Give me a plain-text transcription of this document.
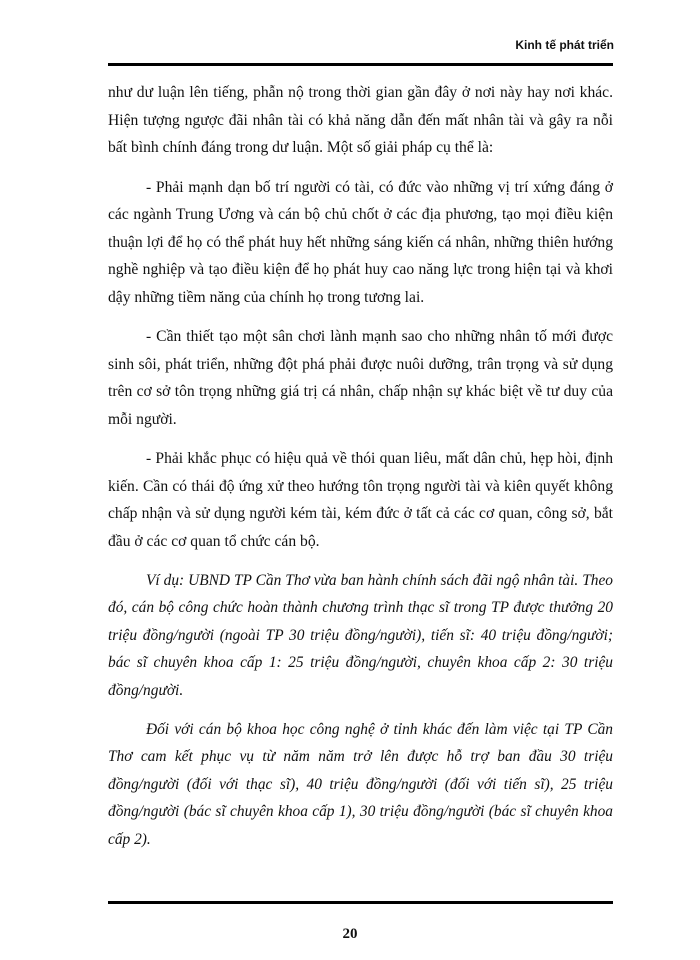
Kinh tế phát triển

như dư luận lên tiếng, phẫn nộ trong thời gian gần đây ở nơi này hay nơi khác. Hiện tượng ngược đãi nhân tài có khả năng dẫn đến mất nhân tài và gây ra nỗi bất bình chính đáng trong dư luận. Một số giải pháp cụ thể là:

- Phải mạnh dạn bố trí người có tài, có đức vào những vị trí xứng đáng ở các ngành Trung Ương và cán bộ chủ chốt ở các địa phương, tạo mọi điều kiện thuận lợi để họ có thể phát huy hết những sáng kiến cá nhân, những thiên hướng nghề nghiệp và tạo điều kiện để họ phát huy cao năng lực trong hiện tại và khơi dậy những tiềm năng của chính họ trong tương lai.

- Cần thiết tạo một sân chơi lành mạnh sao cho những nhân tố mới được sinh sôi, phát triển, những đột phá phải được nuôi dưỡng, trân trọng và sử dụng trên cơ sở tôn trọng những giá trị cá nhân, chấp nhận sự khác biệt về tư duy của mỗi người.

- Phải khắc phục có hiệu quả về thói quan liêu, mất dân chủ, hẹp hòi, định kiến. Cần có thái độ ứng xử theo hướng tôn trọng người tài và kiên quyết không chấp nhận và sử dụng người kém tài, kém đức ở tất cả các cơ quan, công sở, bắt đầu ở các cơ quan tổ chức cán bộ.

Ví dụ: UBND TP Cần Thơ vừa ban hành chính sách đãi ngộ nhân tài. Theo đó, cán bộ công chức hoàn thành chương trình thạc sĩ trong TP được thưởng 20 triệu đồng/người (ngoài TP 30 triệu đồng/người), tiến sĩ: 40 triệu đồng/người; bác sĩ chuyên khoa cấp 1: 25 triệu đồng/người, chuyên khoa cấp 2: 30 triệu đồng/người.

Đối với cán bộ khoa học công nghệ ở tỉnh khác đến làm việc tại TP Cần Thơ cam kết phục vụ từ năm năm trở lên được hỗ trợ ban đầu 30 triệu đồng/người (đối với thạc sĩ), 40 triệu đồng/người (đối với tiến sĩ), 25 triệu đồng/người (bác sĩ chuyên khoa cấp 1), 30 triệu đồng/người (bác sĩ chuyên khoa cấp 2).

20
